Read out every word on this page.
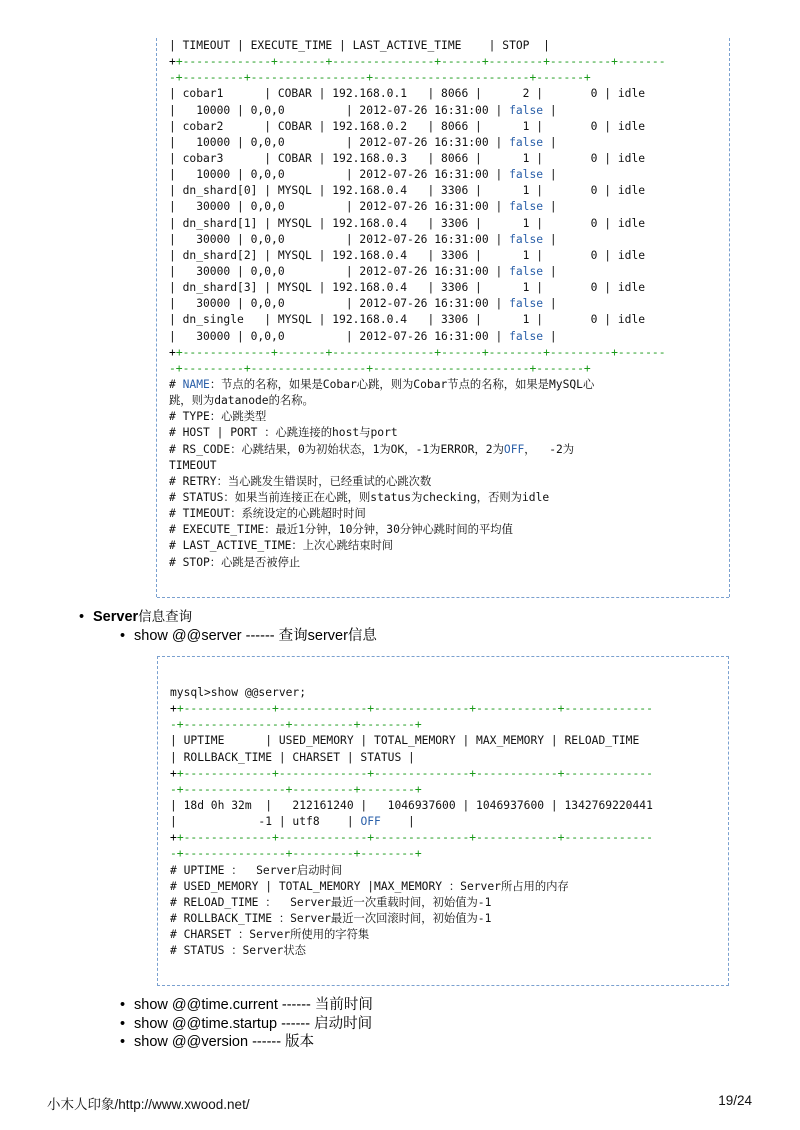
| TIMEOUT | EXECUTE_TIME | LAST_ACTIVE_TIME    | STOP  |
++-------------+-------+---------------+------+--------+---------+-------
-+---------+-----------------+-----------------------+-------+
| cobar1      | COBAR | 192.168.0.1   | 8066 |      2 |       0 | idle
|   10000 | 0,0,0         | 2012-07-26 16:31:00 | false |
| cobar2      | COBAR | 192.168.0.2   | 8066 |      1 |       0 | idle
|   10000 | 0,0,0         | 2012-07-26 16:31:00 | false |
| cobar3      | COBAR | 192.168.0.3   | 8066 |      1 |       0 | idle
|   10000 | 0,0,0         | 2012-07-26 16:31:00 | false |
| dn_shard[0] | MYSQL | 192.168.0.4   | 3306 |      1 |       0 | idle
|   30000 | 0,0,0         | 2012-07-26 16:31:00 | false |
| dn_shard[1] | MYSQL | 192.168.0.4   | 3306 |      1 |       0 | idle
|   30000 | 0,0,0         | 2012-07-26 16:31:00 | false |
| dn_shard[2] | MYSQL | 192.168.0.4   | 3306 |      1 |       0 | idle
|   30000 | 0,0,0         | 2012-07-26 16:31:00 | false |
| dn_shard[3] | MYSQL | 192.168.0.4   | 3306 |      1 |       0 | idle
|   30000 | 0,0,0         | 2012-07-26 16:31:00 | false |
| dn_single   | MYSQL | 192.168.0.4   | 3306 |      1 |       0 | idle
|   30000 | 0,0,0         | 2012-07-26 16:31:00 | false |
++-------------+-------+---------------+------+--------+---------+-------
-+---------+-----------------+-----------------------+-------+
# NAME：节点的名称，如果是Cobar心跳，则为Cobar节点的名称，如果是MySQL心
跳，则为datanode的名称。
# TYPE：心跳类型
# HOST | PORT ：心跳连接的host与port
# RS_CODE：心跳结果，0为初始状态，1为OK，-1为ERROR，2为OFF，  -2为
TIMEOUT
# RETRY：当心跳发生错误时，已经重试的心跳次数
# STATUS：如果当前连接正在心跳，则status为checking，否则为idle
# TIMEOUT：系统设定的心跳超时时间
# EXECUTE_TIME：最近1分钟，10分钟，30分钟心跳时间的平均值
# LAST_ACTIVE_TIME：上次心跳结束时间
# STOP：心跳是否被停止
• Server信息查询
• show @@server ------ 查询server信息
mysql>show @@server;
++-------------+-------------+--------------+------------+-------------
-+---------------+---------+--------+
| UPTIME      | USED_MEMORY | TOTAL_MEMORY | MAX_MEMORY | RELOAD_TIME
| ROLLBACK_TIME | CHARSET | STATUS |
++-------------+-------------+--------------+------------+-------------
-+---------------+---------+--------+
| 18d 0h 32m  |   212161240 |   1046937600 | 1046937600 | 1342769220441
|            -1 | utf8    | OFF    |
++-------------+-------------+--------------+------------+-------------
-+---------------+---------+--------+
# UPTIME ：  Server启动时间
# USED_MEMORY | TOTAL_MEMORY |MAX_MEMORY ：Server所占用的内存
# RELOAD_TIME ：  Server最近一次重载时间，初始值为-1
# ROLLBACK_TIME ：Server最近一次回滚时间，初始值为-1
# CHARSET ：Server所使用的字符集
# STATUS ：Server状态
• show @@time.current ------ 当前时间
• show @@time.startup ------ 启动时间
• show @@version ------ 版本
小木人印象/http://www.xwood.net/	19/24
